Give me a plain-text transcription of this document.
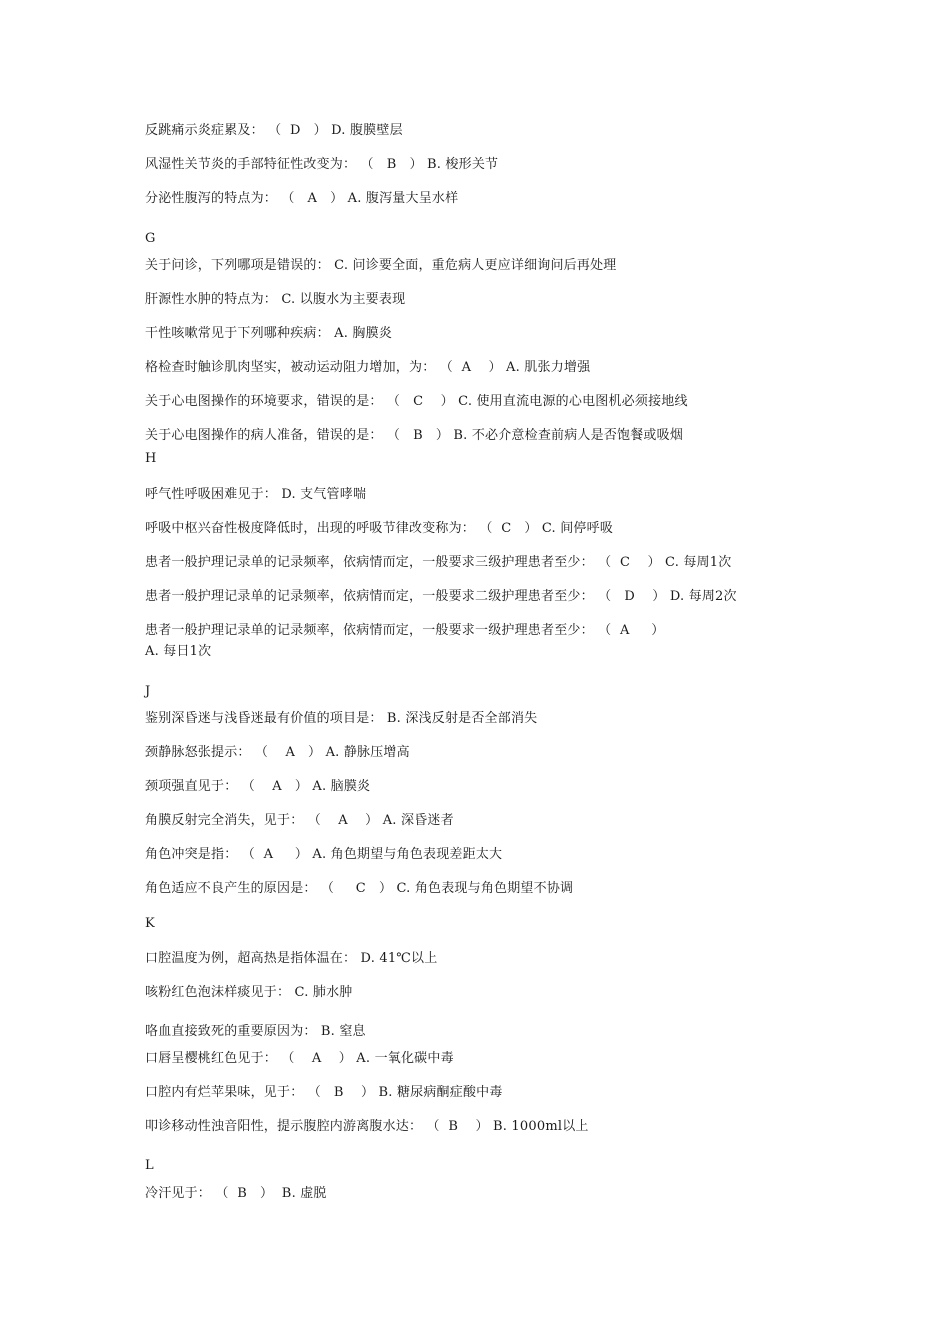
反跳痛示炎症累及： （  D   ） D. 腹膜壁层
风湿性关节炎的手部特征性改变为： （   B   ） B. 梭形关节
分泌性腹泻的特点为： （   A   ） A. 腹泻量大呈水样
G
关于问诊，下列哪项是错误的： C. 问诊要全面，重危病人更应详细询问后再处理
肝源性水肿的特点为： C. 以腹水为主要表现
干性咳嗽常见于下列哪种疾病： A. 胸膜炎
格检查时触诊肌肉坚实，被动运动阻力增加，为： （  A    ） A. 肌张力增强
关于心电图操作的环境要求，错误的是： （   C    ） C. 使用直流电源的心电图机必须接地线
关于心电图操作的病人准备，错误的是： （   B   ） B. 不必介意检查前病人是否饱餐或吸烟
H
呼气性呼吸困难见于： D. 支气管哮喘
呼吸中枢兴奋性极度降低时，出现的呼吸节律改变称为： （  C   ） C. 间停呼吸
患者一般护理记录单的记录频率，依病情而定，一般要求三级护理患者至少： （  C    ） C. 每周1次
患者一般护理记录单的记录频率，依病情而定，一般要求二级护理患者至少： （   D    ） D. 每周2次
患者一般护理记录单的记录频率，依病情而定，一般要求一级护理患者至少： （  A     ）
A. 每日1次
J
鉴别深昏迷与浅昏迷最有价值的项目是： B. 深浅反射是否全部消失
颈静脉怒张提示： （    A   ） A. 静脉压增高
颈项强直见于： （    A   ） A. 脑膜炎
角膜反射完全消失，见于： （    A    ） A. 深昏迷者
角色冲突是指： （  A     ） A. 角色期望与角色表现差距太大
角色适应不良产生的原因是： （     C   ） C. 角色表现与角色期望不协调
K
口腔温度为例，超高热是指体温在： D. 41℃以上
咳粉红色泡沫样痰见于： C. 肺水肿
咯血直接致死的重要原因为： B. 窒息
口唇呈樱桃红色见于： （    A    ） A. 一氧化碳中毒
口腔内有烂苹果味，见于： （   B    ） B. 糖尿病酮症酸中毒
叩诊移动性浊音阳性，提示腹腔内游离腹水达： （  B    ） B. 1000ml以上
L
冷汗见于： （  B   ）  B. 虚脱
